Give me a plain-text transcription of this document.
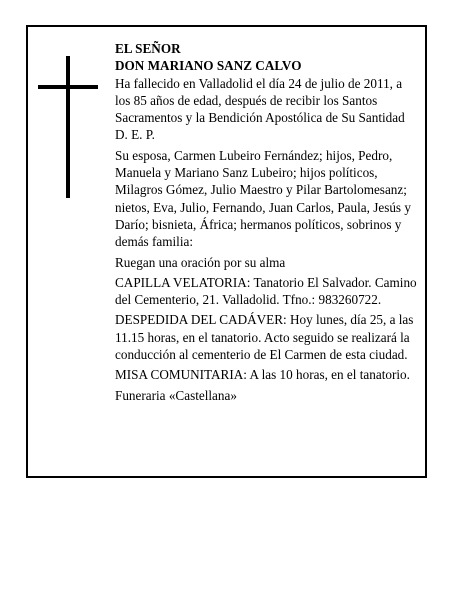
EL SEÑOR

DON MARIANO SANZ CALVO

Ha fallecido en Valladolid el día 24 de julio de 2011, a los 85 años de edad, después de recibir los Santos Sacramentos y la Bendición Apostólica de Su Santidad D. E. P.

Su esposa, Carmen Lubeiro Fernández; hijos, Pedro, Manuela y Mariano Sanz Lubeiro; hijos políticos, Milagros Gómez, Julio Maestro y Pilar Bartolomesanz; nietos, Eva, Julio, Fernando, Juan Carlos, Paula, Jesús y Darío; bisnieta, África; hermanos políticos, sobrinos y demás familia:

Ruegan una oración por su alma

CAPILLA VELATORIA: Tanatorio El Salvador. Camino del Cementerio, 21. Valladolid. Tfno.: 983260722.

DESPEDIDA DEL CADÁVER: Hoy lunes, día 25, a las 11.15 horas, en el tanatorio. Acto seguido se realizará la conducción al cementerio de El Carmen de esta ciudad.

MISA COMUNITARIA: A las 10 horas, en el tanatorio.

Funeraria «Castellana»
